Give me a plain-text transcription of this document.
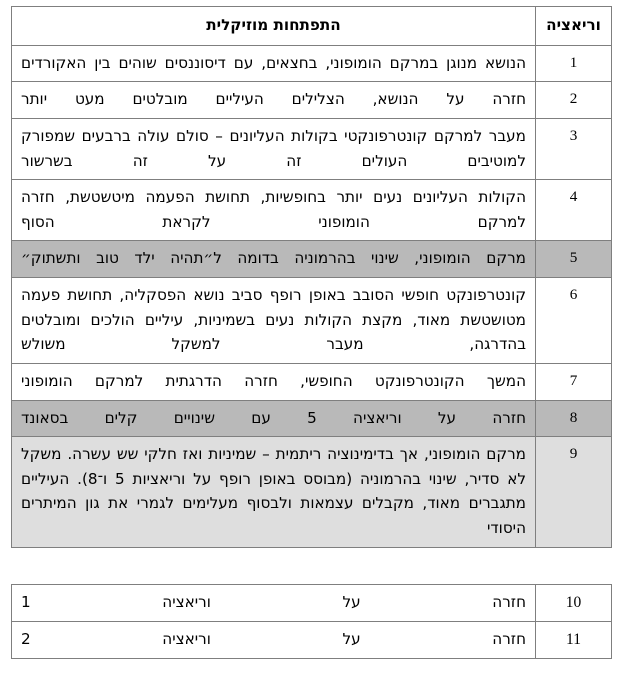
וריאציה	התפתחות מוזיקלית
1	הנושא מנוגן במרקם הומופוני, בחצאים, עם דיסוננסים שוהים בין האקורדים
2	חזרה על הנושא, הצלילים העיליים מובלטים מעט יותר
3	מעבר למרקם קונטרפונקטי בקולות העליונים – סולם עולה ברבעים שמפורק למוטיבים העולים זה על זה בשרשור
4	הקולות העליונים נעים יותר בחופשיות, תחושת הפעמה מיטשטשת, חזרה למרקם הומופוני לקראת הסוף
5	מרקם הומופוני, שינוי בהרמוניה בדומה ל״תהיה ילד טוב ותשתוק״
6	קונטרפונקט חופשי הסובב באופן רופף סביב נושא הפסקליה, תחושת פעמה מטושטשת מאוד, מקצת הקולות נעים בשמיניות, עיליים הולכים ומובלטים בהדרגה, מעבר למשקל משולש
7	המשך הקונטרפונקט החופשי, חזרה הדרגתית למרקם הומופוני
8	חזרה על וריאציה 5 עם שינויים קלים בסאונד
9	מרקם הומופוני, אך בדימינוציה ריתמית – שמיניות ואז חלקי שש עשרה. משקל לא סדיר, שינוי בהרמוניה (מבוסס באופן רופף על וריאציות 5 ו־8). העיליים מתגברים מאוד, מקבלים עצמאות ולבסוף מעלימים לגמרי את גון המיתרים היסודי
10	חזרה על וריאציה 1
11	חזרה על וריאציה 2
